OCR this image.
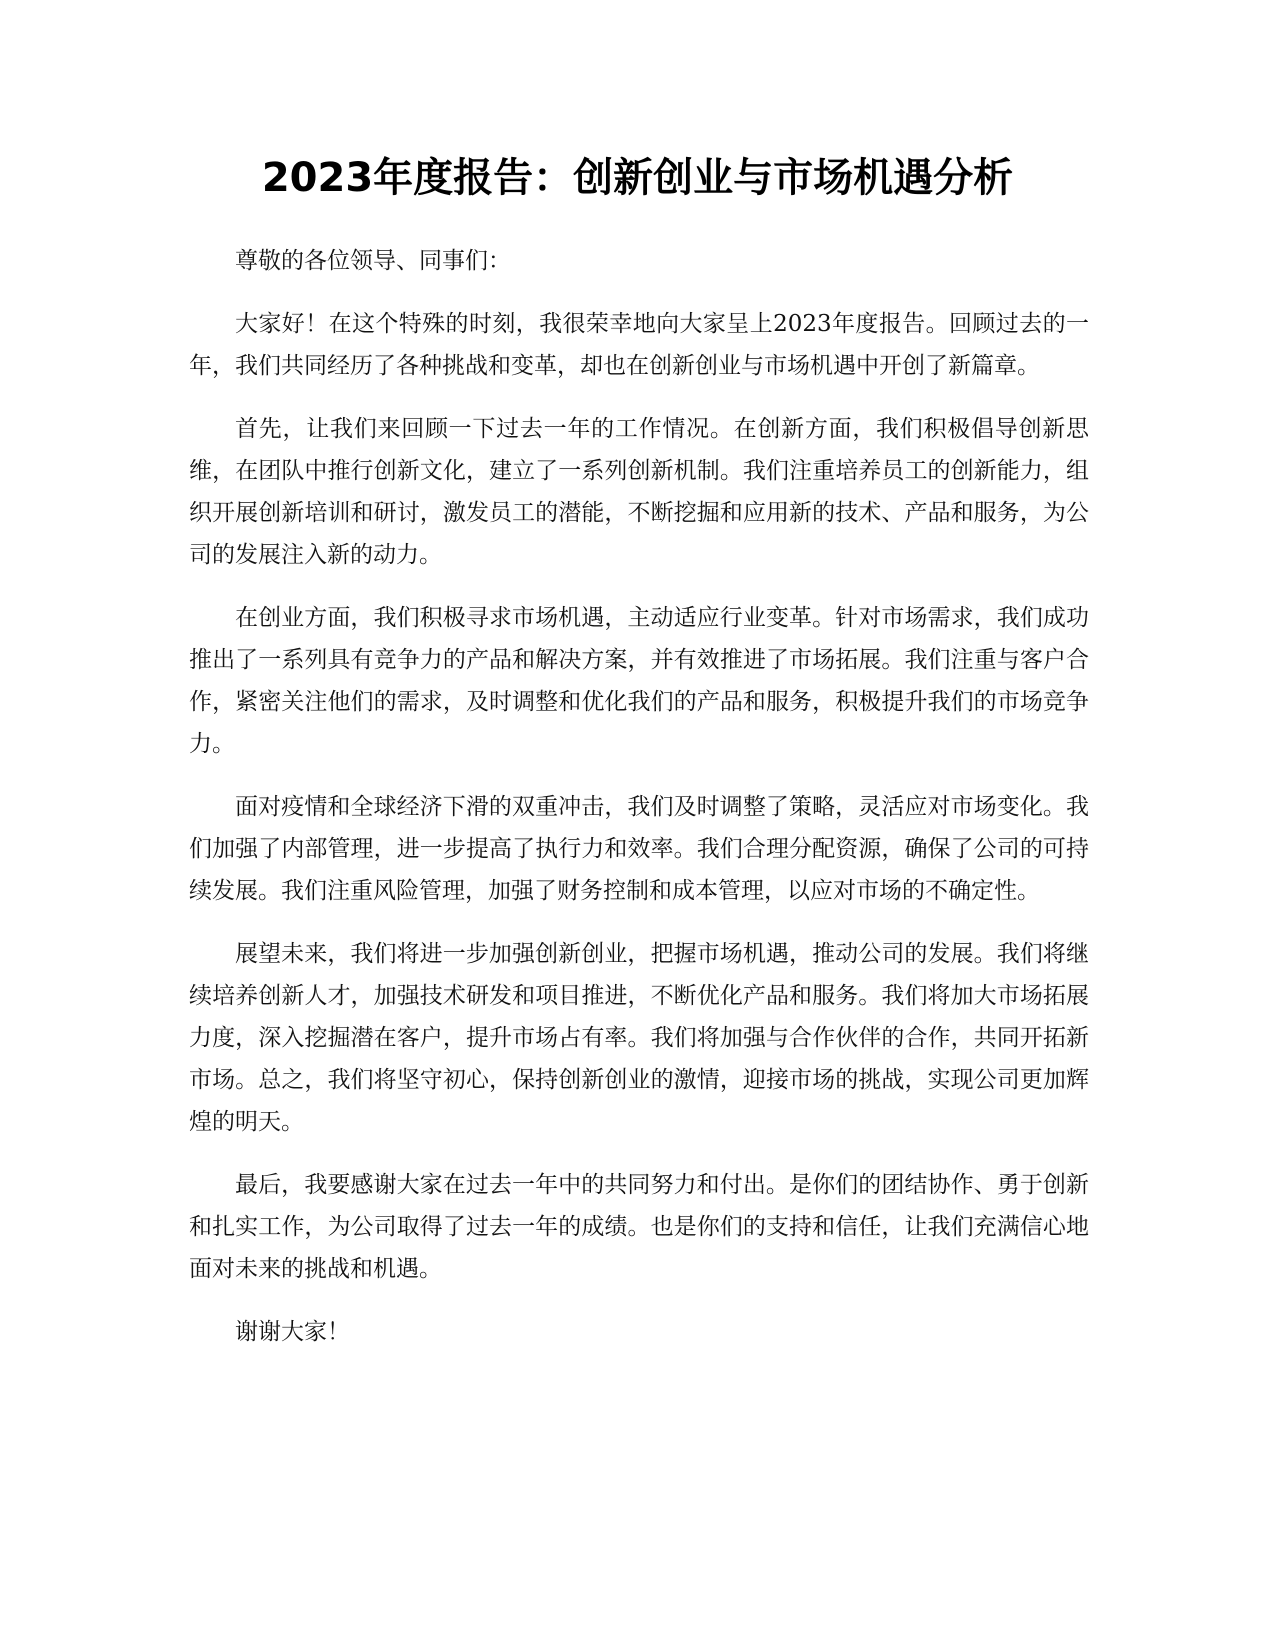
2023年度报告：创新创业与市场机遇分析

尊敬的各位领导、同事们：

大家好！在这个特殊的时刻，我很荣幸地向大家呈上2023年度报告。回顾过去的一年，我们共同经历了各种挑战和变革，却也在创新创业与市场机遇中开创了新篇章。

首先，让我们来回顾一下过去一年的工作情况。在创新方面，我们积极倡导创新思维，在团队中推行创新文化，建立了一系列创新机制。我们注重培养员工的创新能力，组织开展创新培训和研讨，激发员工的潜能，不断挖掘和应用新的技术、产品和服务，为公司的发展注入新的动力。

在创业方面，我们积极寻求市场机遇，主动适应行业变革。针对市场需求，我们成功推出了一系列具有竞争力的产品和解决方案，并有效推进了市场拓展。我们注重与客户合作，紧密关注他们的需求，及时调整和优化我们的产品和服务，积极提升我们的市场竞争力。

面对疫情和全球经济下滑的双重冲击，我们及时调整了策略，灵活应对市场变化。我们加强了内部管理，进一步提高了执行力和效率。我们合理分配资源，确保了公司的可持续发展。我们注重风险管理，加强了财务控制和成本管理，以应对市场的不确定性。

展望未来，我们将进一步加强创新创业，把握市场机遇，推动公司的发展。我们将继续培养创新人才，加强技术研发和项目推进，不断优化产品和服务。我们将加大市场拓展力度，深入挖掘潜在客户，提升市场占有率。我们将加强与合作伙伴的合作，共同开拓新市场。总之，我们将坚守初心，保持创新创业的激情，迎接市场的挑战，实现公司更加辉煌的明天。

最后，我要感谢大家在过去一年中的共同努力和付出。是你们的团结协作、勇于创新和扎实工作，为公司取得了过去一年的成绩。也是你们的支持和信任，让我们充满信心地面对未来的挑战和机遇。

谢谢大家！
